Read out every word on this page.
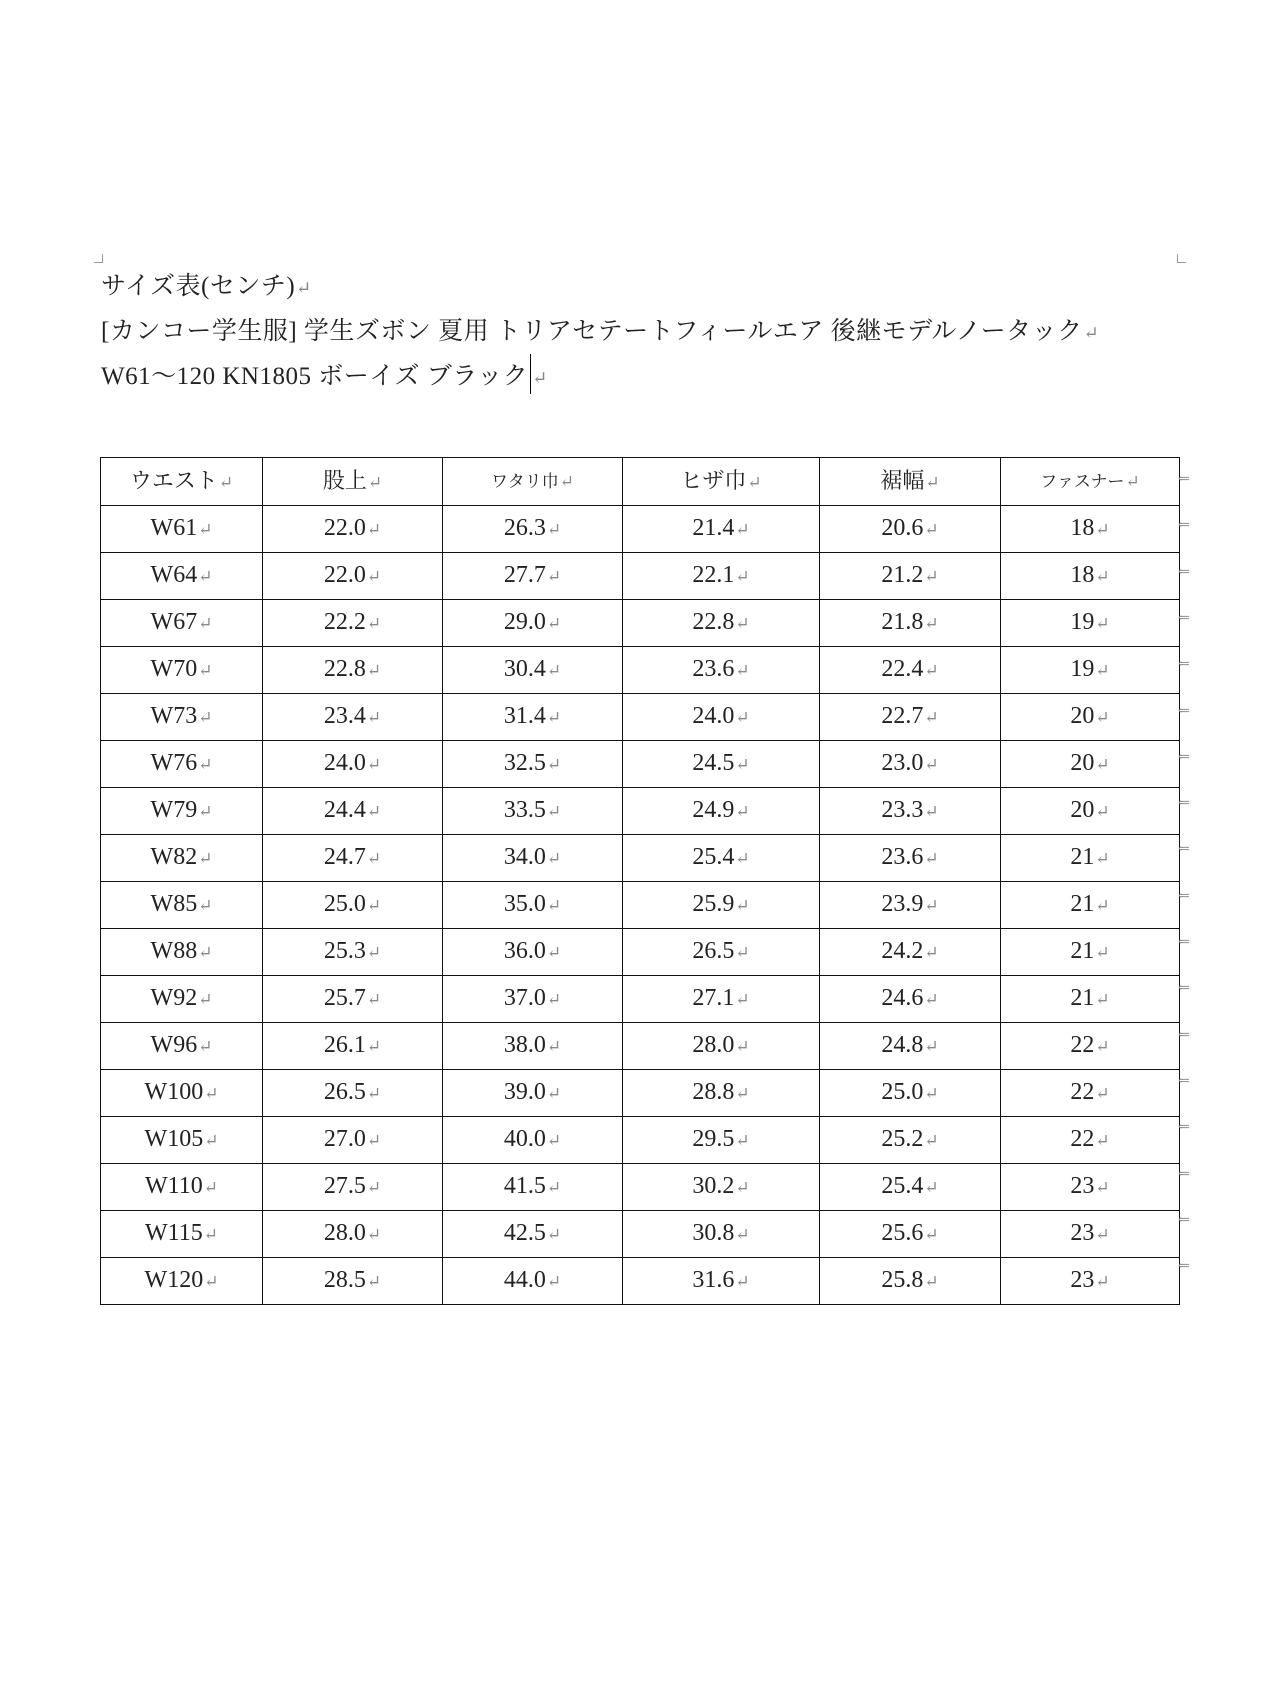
サイズ表(センチ)↵
[カンコー学生服] 学生ズボン 夏用 トリアセテートフィールエア 後継モデルノータック↵
W61～120 KN1805 ボーイズ ブラック ↵
ウエスト↵	股上↵	ワタリ巾↵	ヒザ巾↵	裾幅↵	ファスナー↵
W61↵	22.0↵	26.3↵	21.4↵	20.6↵	18↵
W64↵	22.0↵	27.7↵	22.1↵	21.2↵	18↵
W67↵	22.2↵	29.0↵	22.8↵	21.8↵	19↵
W70↵	22.8↵	30.4↵	23.6↵	22.4↵	19↵
W73↵	23.4↵	31.4↵	24.0↵	22.7↵	20↵
W76↵	24.0↵	32.5↵	24.5↵	23.0↵	20↵
W79↵	24.4↵	33.5↵	24.9↵	23.3↵	20↵
W82↵	24.7↵	34.0↵	25.4↵	23.6↵	21↵
W85↵	25.0↵	35.0↵	25.9↵	23.9↵	21↵
W88↵	25.3↵	36.0↵	26.5↵	24.2↵	21↵
W92↵	25.7↵	37.0↵	27.1↵	24.6↵	21↵
W96↵	26.1↵	38.0↵	28.0↵	24.8↵	22↵
W100↵	26.5↵	39.0↵	28.8↵	25.0↵	22↵
W105↵	27.0↵	40.0↵	29.5↵	25.2↵	22↵
W110↵	27.5↵	41.5↵	30.2↵	25.4↵	23↵
W115↵	28.0↵	42.5↵	30.8↵	25.6↵	23↵
W120↵	28.5↵	44.0↵	31.6↵	25.8↵	23↵
⇐
⇐
⇐
⇐
⇐
⇐
⇐
⇐
⇐
⇐
⇐
⇐
⇐
⇐
⇐
⇐
⇐
⇐
